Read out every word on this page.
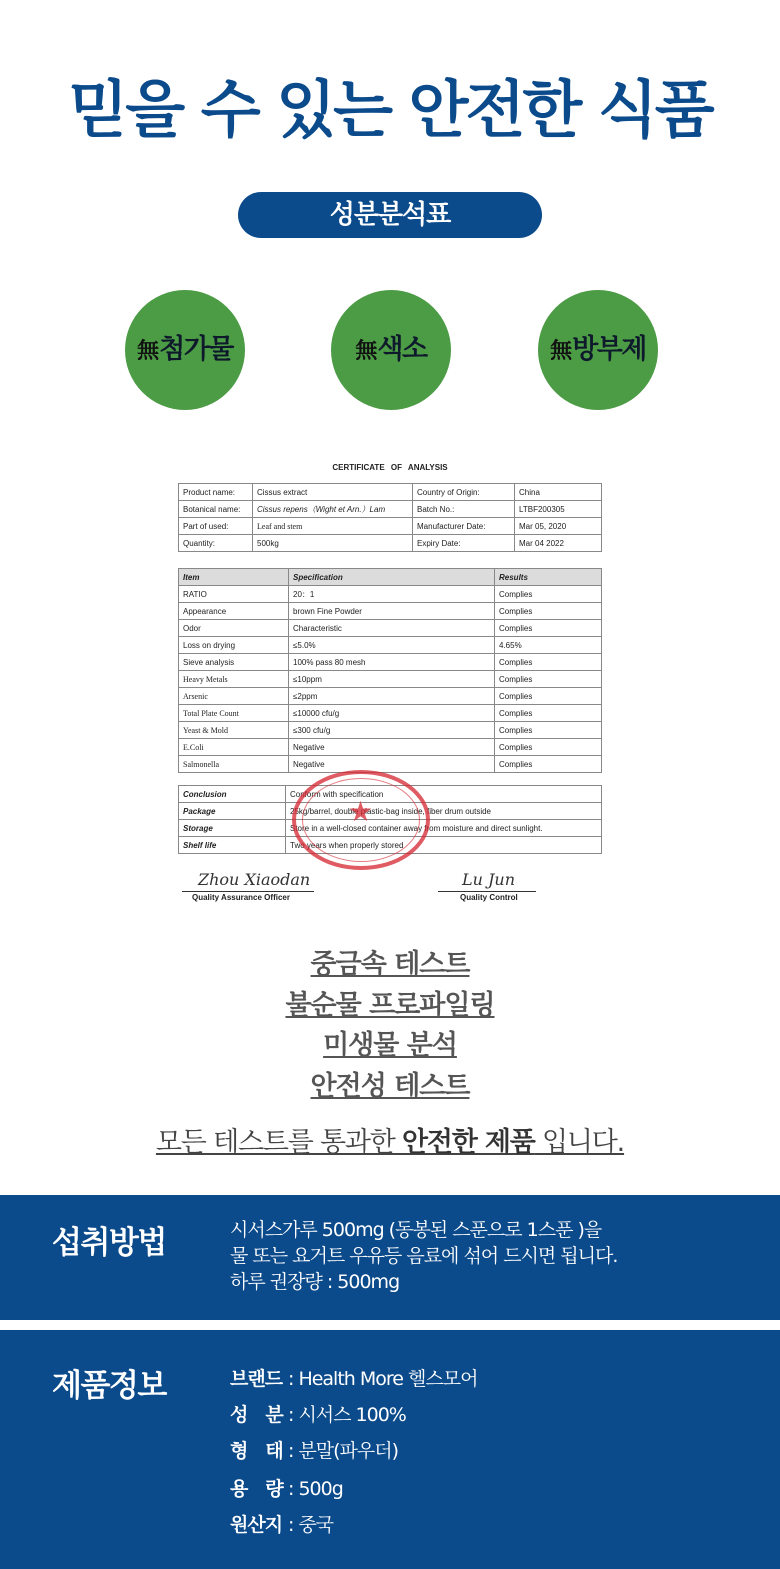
믿을 수 있는 안전한 식품
성분분석표
無첨가물	無색소	無방부제
CERTIFICATE OF ANALYSIS
Product name:	Cissus extract	Country of Origin:	China
Botanical name:	Cissus repens（Wight et Arn.）Lam	Batch No.:	LTBF200305
Part of used:	Leaf and stem	Manufacturer Date:	Mar 05, 2020
Quantity:	500kg	Expiry Date:	Mar 04 2022
Item	Specification	Results
RATIO	20：1	Complies
Appearance	brown Fine Powder	Complies
Odor	Characteristic	Complies
Loss on drying	≤5.0%	4.65%
Sieve analysis	100% pass 80 mesh	Complies
Heavy Metals	≤10ppm	Complies
Arsenic	≤2ppm	Complies
Total Plate Count	≤10000 cfu/g	Complies
Yeast & Mold	≤300 cfu/g	Complies
E.Coli	Negative	Complies
Salmonella	Negative	Complies
Conclusion	Conform with specification
Package	25kg/barrel, double plastic-bag inside, fiber drum outside
Storage	Store in a well-closed container away from moisture and direct sunlight.
Shelf life	Two years when properly stored
★
Zhou Xiaodan
Quality Assurance Officer
Lu Jun
Quality Control
중금속 테스트
불순물 프로파일링
미생물 분석
안전성 테스트
모든 테스트를 통과한 안전한 제품 입니다.
섭취방법	시서스가루 500mg (동봉된 스푼으로 1스푼 )을
물 또는 요거트 우유등 음료에 섞어 드시면 됩니다.
하루 권장량 : 500mg
제품정보	브랜드 : Health More 헬스모어
성　분 : 시서스 100%
형　태 : 분말(파우더)
용　량 : 500g
원산지 : 중국
